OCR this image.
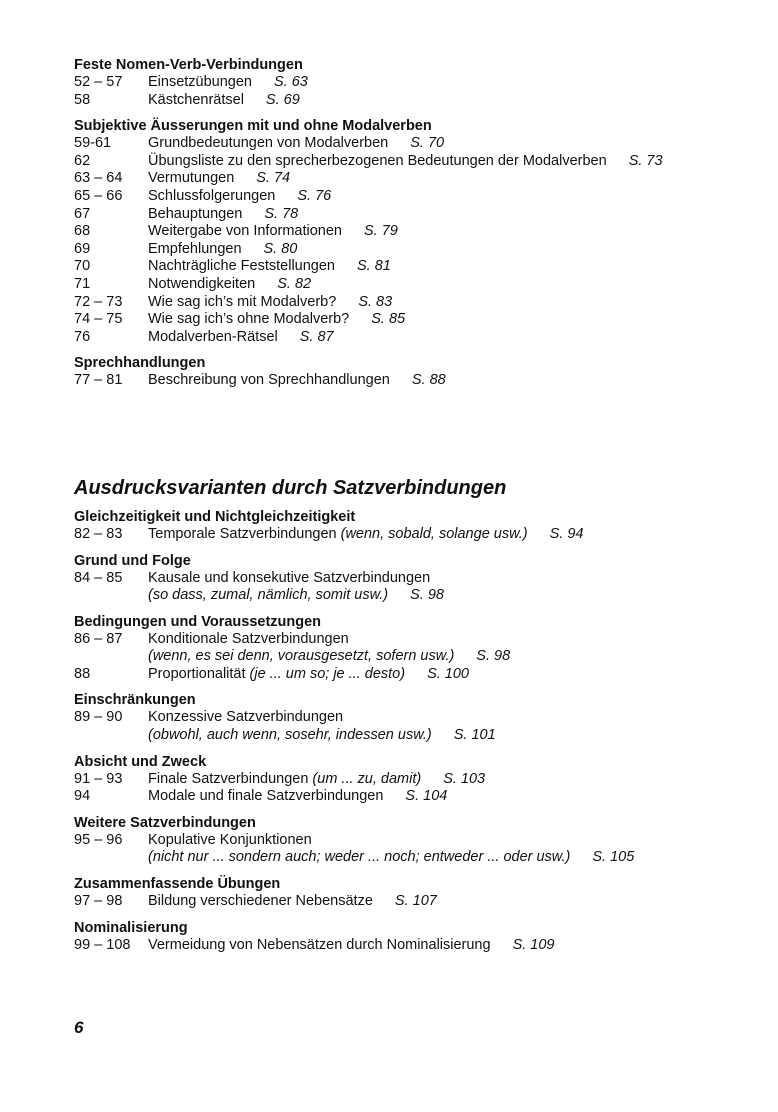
Feste Nomen-Verb-Verbindungen
52 – 57	Einsetzübungen S. 63
58	Kästchenrätsel S. 69
Subjektive Äusserungen mit und ohne Modalverben
59-61	Grundbedeutungen von Modalverben S. 70
62	Übungsliste zu den sprecherbezogenen Bedeutungen der Modalverben S. 73
63 – 64	Vermutungen S. 74
65 – 66	Schlussfolgerungen S. 76
67	Behauptungen S. 78
68	Weitergabe von Informationen S. 79
69	Empfehlungen S. 80
70	Nachträgliche Feststellungen S. 81
71	Notwendigkeiten S. 82
72 – 73	Wie sag ich’s mit Modalverb? S. 83
74 – 75	Wie sag ich’s ohne Modalverb? S. 85
76	Modalverben-Rätsel S. 87
Sprechhandlungen
77 – 81	Beschreibung von Sprechhandlungen S. 88
Ausdrucksvarianten durch Satzverbindungen
Gleichzeitigkeit und Nichtgleichzeitigkeit
82 – 83	Temporale Satzverbindungen (wenn, sobald, solange usw.) S. 94
Grund und Folge
84 – 85	Kausale und konsekutive Satzverbindungen
(so dass, zumal, nämlich, somit usw.) S. 98
Bedingungen und Voraussetzungen
86 – 87	Konditionale Satzverbindungen
(wenn, es sei denn, vorausgesetzt, sofern usw.) S. 98
88	Proportionalität (je ... um so; je ... desto) S. 100
Einschränkungen
89 – 90	Konzessive Satzverbindungen
(obwohl, auch wenn, sosehr, indessen usw.) S. 101
Absicht und Zweck
91 – 93	Finale Satzverbindungen (um ... zu, damit) S. 103
94	Modale und finale Satzverbindungen S. 104
Weitere Satzverbindungen
95 – 96	Kopulative Konjunktionen
(nicht nur ... sondern auch; weder ... noch; entweder ... oder usw.) S. 105
Zusammenfassende Übungen
97 – 98	Bildung verschiedener Nebensätze S. 107
Nominalisierung
99 – 108	Vermeidung von Nebensätzen durch Nominalisierung S. 109
6
